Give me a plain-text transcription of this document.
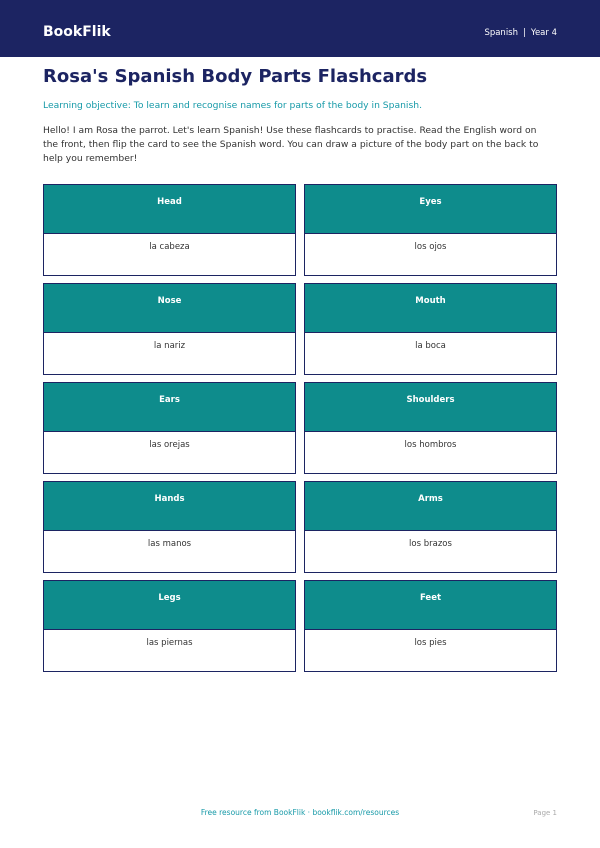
BookFlik	Spanish | Year 4
Rosa's Spanish Body Parts Flashcards
Learning objective: To learn and recognise names for parts of the body in Spanish.
Hello! I am Rosa the parrot. Let's learn Spanish! Use these flashcards to practise. Read the English word on the front, then flip the card to see the Spanish word. You can draw a picture of the body part on the back to help you remember!
Head
la cabeza
Eyes
los ojos
Nose
la nariz
Mouth
la boca
Ears
las orejas
Shoulders
los hombros
Hands
las manos
Arms
los brazos
Legs
las piernas
Feet
los pies
Free resource from BookFlik · bookflik.com/resources	Page 1
